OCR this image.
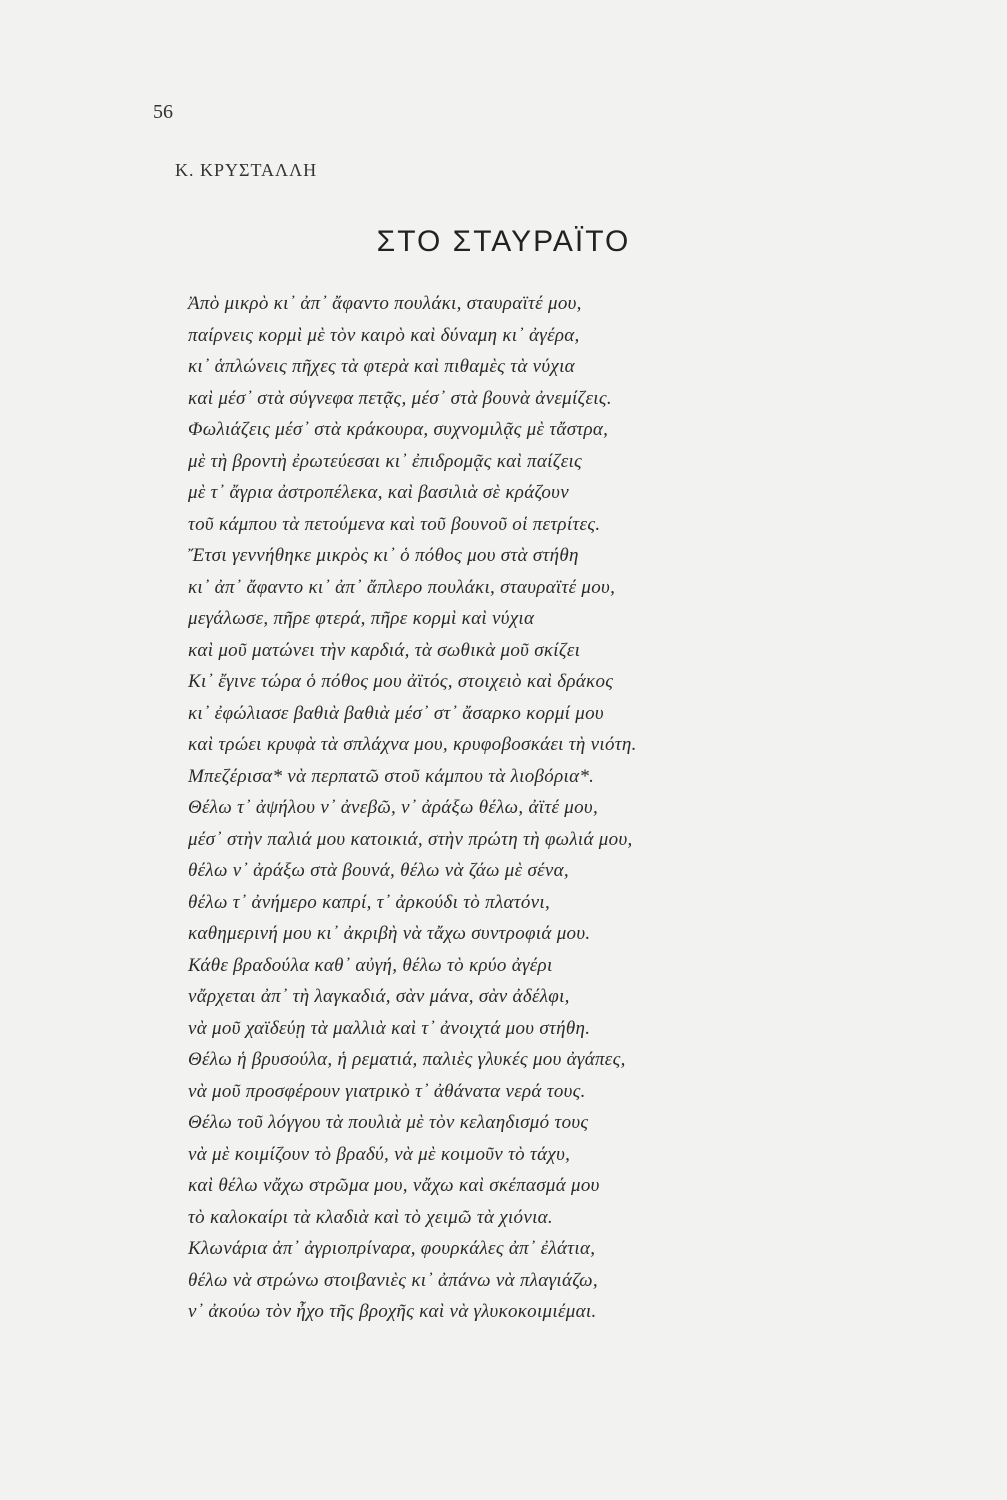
56
Κ. ΚΡΥΣΤΑΛΛΗ
ΣΤΟ ΣΤΑΥΡΑΪΤΟ
Ἀπὸ μικρὸ κι᾽ ἀπ᾽ ἄφαντο πουλάκι, σταυραϊτέ μου,
παίρνεις κορμὶ μὲ τὸν καιρὸ καὶ δύναμη κι᾽ ἀγέρα,
κι᾽ ἁπλώνεις πῆχες τὰ φτερὰ καὶ πιθαμὲς τὰ νύχια
καὶ μέσ᾽ στὰ σύγνεφα πετᾷς, μέσ᾽ στὰ βουνὰ ἀνεμίζεις.
Φωλιάζεις μέσ᾽ στὰ κράκουρα, συχνομιλᾷς μὲ τἄστρα,
μὲ τὴ βροντὴ ἐρωτεύεσαι κι᾽ ἐπιδρομᾷς καὶ παίζεις
μὲ τ᾽ ἄγρια ἀστροπέλεκα, καὶ βασιλιὰ σὲ κράζουν
τοῦ κάμπου τὰ πετούμενα καὶ τοῦ βουνοῦ οἱ πετρίτες.
Ἔτσι γεννήθηκε μικρὸς κι᾽ ὁ πόθος μου στὰ στήθη
κι᾽ ἀπ᾽ ἄφαντο κι᾽ ἀπ᾽ ἄπλερο πουλάκι, σταυραϊτέ μου,
μεγάλωσε, πῆρε φτερά, πῆρε κορμὶ καὶ νύχια
καὶ μοῦ ματώνει τὴν καρδιά, τὰ σωθικὰ μοῦ σκίζει
Κι᾽ ἔγινε τώρα ὁ πόθος μου ἀϊτός, στοιχειὸ καὶ δράκος
κι᾽ ἐφώλιασε βαθιὰ βαθιὰ μέσ᾽ στ᾽ ἄσαρκο κορμί μου
καὶ τρώει κρυφὰ τὰ σπλάχνα μου, κρυφοβοσκάει τὴ νιότη.
Μπεζέρισα* νὰ περπατῶ στοῦ κάμπου τὰ λιοβόρια*.
Θέλω τ᾽ ἀψήλου ν᾽ ἀνεβῶ, ν᾽ ἀράξω θέλω, ἀϊτέ μου,
μέσ᾽ στὴν παλιά μου κατοικιά, στὴν πρώτη τὴ φωλιά μου,
θέλω ν᾽ ἀράξω στὰ βουνά, θέλω νὰ ζάω μὲ σένα,
θέλω τ᾽ ἀνήμερο καπρί, τ᾽ ἀρκούδι τὸ πλατόνι,
καθημερινή μου κι᾽ ἀκριβὴ νὰ τἄχω συντροφιά μου.
Κάθε βραδούλα καθ᾽ αὐγή, θέλω τὸ κρύο ἀγέρι
νἄρχεται ἀπ᾽ τὴ λαγκαδιά, σὰν μάνα, σὰν ἀδέλφι,
νὰ μοῦ χαϊδεύῃ τὰ μαλλιὰ καὶ τ᾽ ἀνοιχτά μου στήθη.
Θέλω ἡ βρυσούλα, ἡ ρεματιά, παλιὲς γλυκές μου ἀγάπες,
νὰ μοῦ προσφέρουν γιατρικὸ τ᾽ ἀθάνατα νερά τους.
Θέλω τοῦ λόγγου τὰ πουλιὰ μὲ τὸν κελαηδισμό τους
νὰ μὲ κοιμίζουν τὸ βραδύ, νὰ μὲ κοιμοῦν τὸ τάχυ,
καὶ θέλω νἄχω στρῶμα μου, νἄχω καὶ σκέπασμά μου
τὸ καλοκαίρι τὰ κλαδιὰ καὶ τὸ χειμῶ τὰ χιόνια.
Κλωνάρια ἀπ᾽ ἀγριοπρίναρα, φουρκάλες ἀπ᾽ ἐλάτια,
θέλω νὰ στρώνω στοιβανιὲς κι᾽ ἀπάνω νὰ πλαγιάζω,
ν᾽ ἀκούω τὸν ἦχο τῆς βροχῆς καὶ νὰ γλυκοκοιμιέμαι.
